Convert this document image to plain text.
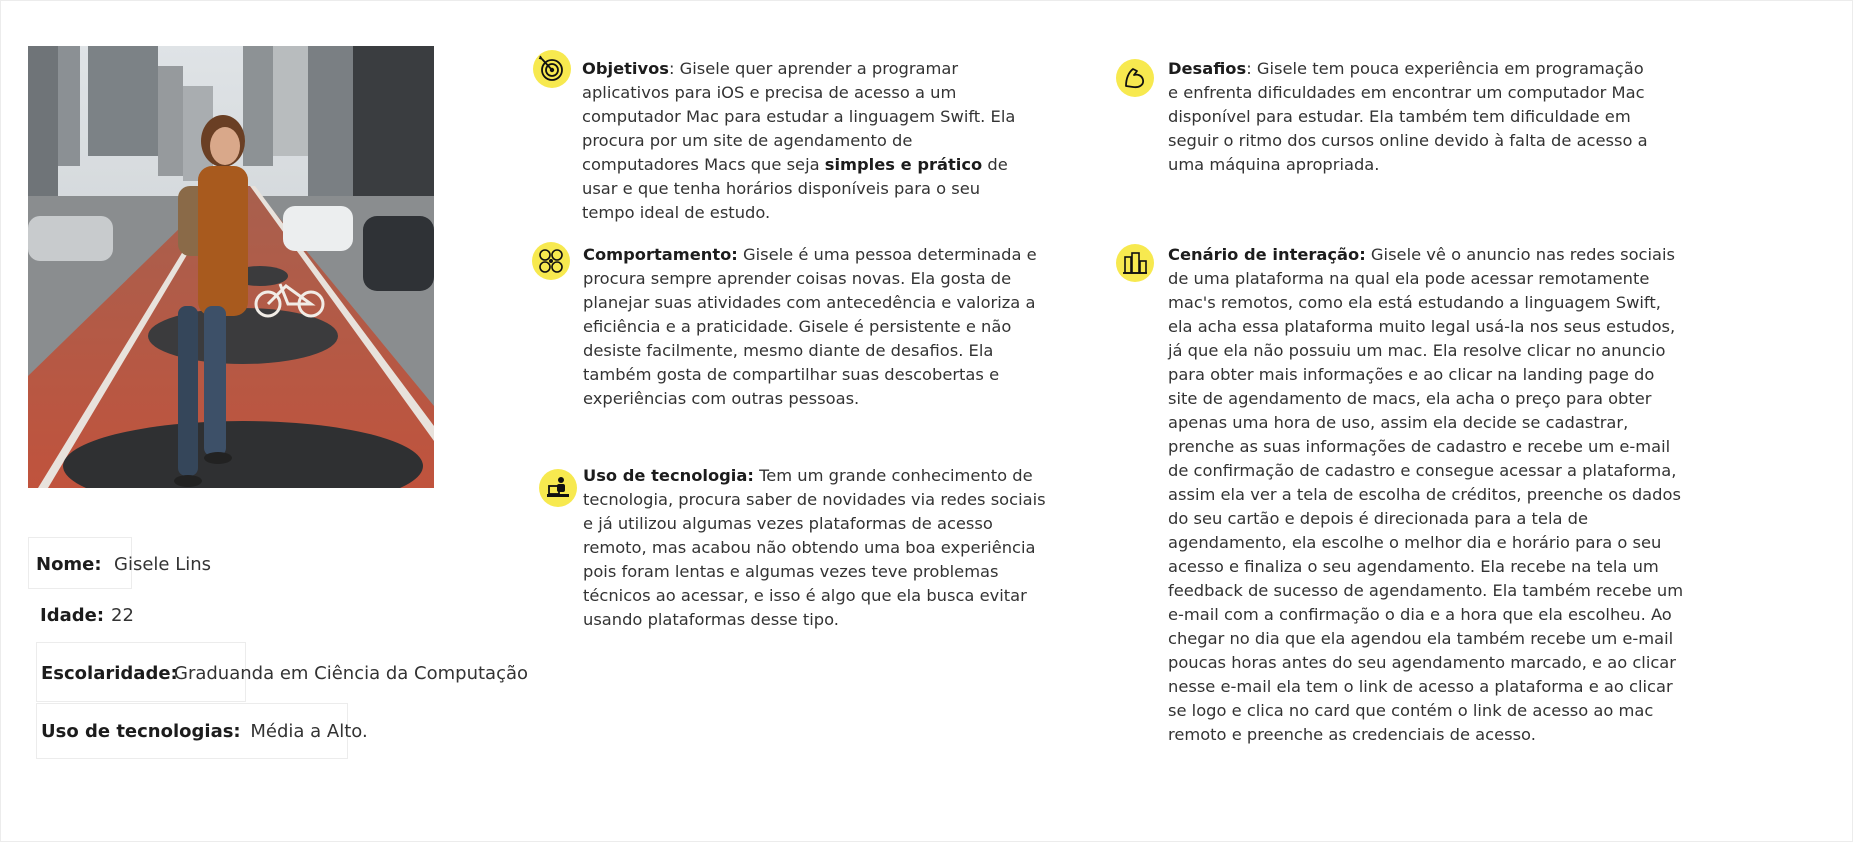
Nome: Gisele Lins
Idade: 22
Escolaridade:
Graduanda em Ciência da Computação
Uso de tecnologias: Média a Alto.
Objetivos: Gisele quer aprender a programar aplicativos para iOS e precisa de acesso a um computador Mac para estudar a linguagem Swift. Ela procura por um site de agendamento de computadores Macs que seja simples e prático de usar e que tenha horários disponíveis para o seu tempo ideal de estudo.
Comportamento: Gisele é uma pessoa determinada e procura sempre aprender coisas novas. Ela gosta de planejar suas atividades com antecedência e valoriza a eficiência e a praticidade. Gisele é persistente e não desiste facilmente, mesmo diante de desafios. Ela também gosta de compartilhar suas descobertas e experiências com outras pessoas.
Uso de tecnologia: Tem um grande conhecimento de tecnologia, procura saber de novidades via redes sociais e já utilizou algumas vezes plataformas de acesso remoto, mas acabou não obtendo uma boa experiência pois foram lentas e algumas vezes teve problemas técnicos ao acessar, e isso é algo que ela busca evitar usando plataformas desse tipo.
Desafios: Gisele tem pouca experiência em programação e enfrenta dificuldades em encontrar um computador Mac disponível para estudar. Ela também tem dificuldade em seguir o ritmo dos cursos online devido à falta de acesso a uma máquina apropriada.
Cenário de interação: Gisele vê o anuncio nas redes sociais de uma plataforma na qual ela pode acessar remotamente mac's remotos, como ela está estudando a linguagem Swift, ela acha essa plataforma muito legal usá-la nos seus estudos, já que ela não possuiu um mac. Ela resolve clicar no anuncio para obter mais informações e ao clicar na landing page do site de agendamento de macs, ela acha o preço para obter apenas uma hora de uso, assim ela decide se cadastrar, prenche as suas informações de cadastro e recebe um e-mail de confirmação de cadastro e consegue acessar a plataforma, assim ela ver a tela de escolha de créditos, preenche os dados do seu cartão e depois é direcionada para a tela de agendamento, ela escolhe o melhor dia e horário para o seu acesso e finaliza o seu agendamento. Ela recebe na tela um feedback de sucesso de agendamento. Ela também recebe um e-mail com a confirmação o dia e a hora que ela escolheu. Ao chegar no dia que ela agendou ela também recebe um e-mail poucas horas antes do seu agendamento marcado, e ao clicar nesse e-mail ela tem o link de acesso a plataforma e ao clicar se logo e clica no card que contém o link de acesso ao mac remoto e preenche as credenciais de acesso.
